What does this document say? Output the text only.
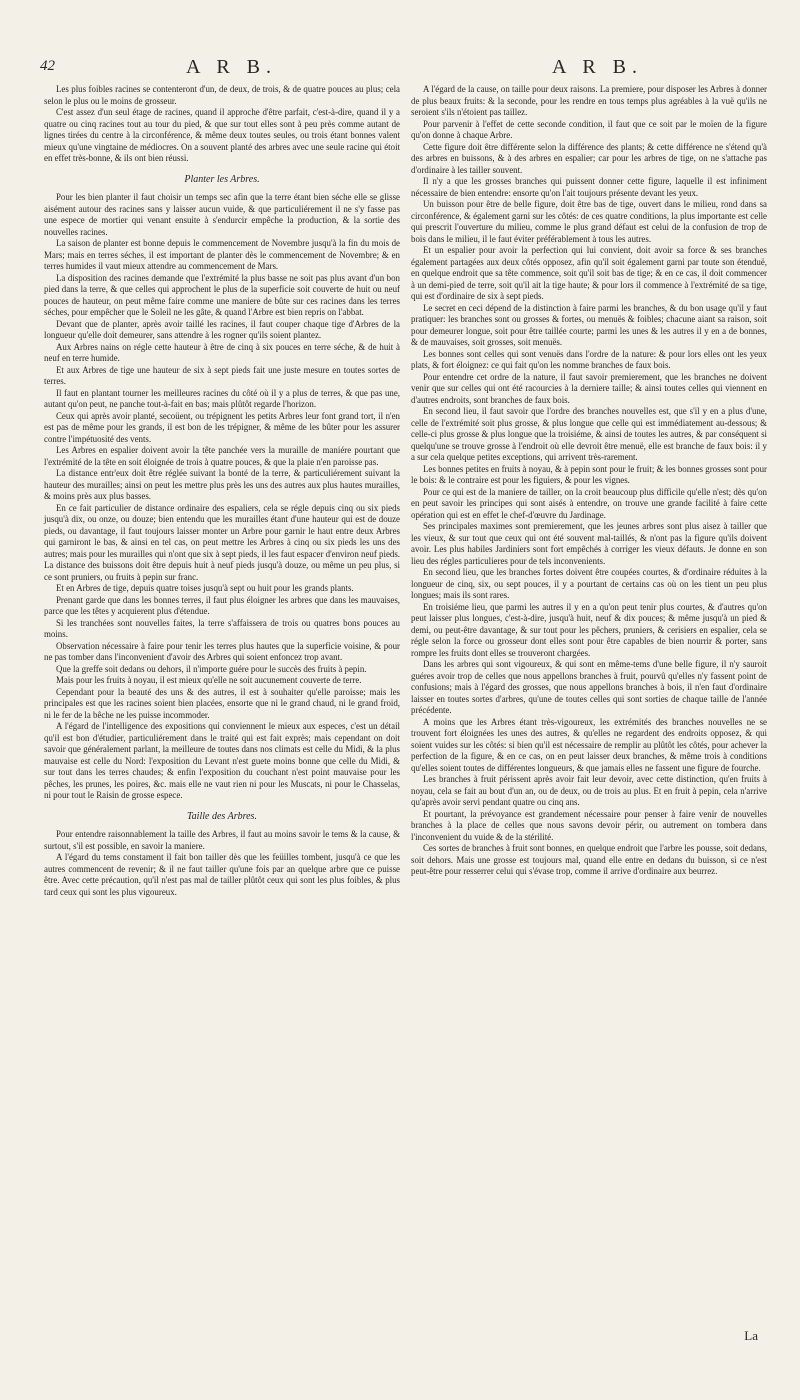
42	A R B.	A R B.

Les plus foibles racines se contenteront d'un, de deux, de trois, & de quatre pouces au plus; cela selon le plus ou le moins de grosseur.

C'est assez d'un seul étage de racines, quand il approche d'être parfait, c'est-à-dire, quand il y a quatre ou cinq racines tout au tour du pied, & que sur tout elles sont à peu près comme autant de lignes tirées du centre à la circonférence, & même deux toutes seules, ou trois étant bonnes valent mieux qu'une vingtaine de médiocres. On a souvent planté des arbres avec une seule racine qui étoit en effet très-bonne, & ils ont bien réussi.

Planter les Arbres.

Pour les bien planter il faut choisir un temps sec afin que la terre étant bien séche elle se glisse aisément autour des racines sans y laisser aucun vuide, & que particuliérement il ne s'y fasse pas une espece de mortier qui venant ensuite à s'endurcir empêche la production, & la sortie des nouvelles racines.

La saison de planter est bonne depuis le commencement de Novembre jusqu'à la fin du mois de Mars; mais en terres séches, il est important de planter dès le commencement de Novembre; & en terres humides il vaut mieux attendre au commencement de Mars.

La disposition des racines demande que l'extrémité la plus basse ne soit pas plus avant d'un bon pied dans la terre, & que celles qui approchent le plus de la superficie soit couverte de huit ou neuf pouces de hauteur, on peut même faire comme une maniere de bûte sur ces racines dans les terres séches, pour empêcher que le Soleil ne les gâte, & quand l'Arbre est bien repris on l'abbat.

Devant que de planter, après avoir taillé les racines, il faut couper chaque tige d'Arbres de la longueur qu'elle doit demeurer, sans attendre à les rogner qu'ils soient plantez.

Aux Arbres nains on régle cette hauteur à être de cinq à six pouces en terre séche, & de huit à neuf en terre humide.

Et aux Arbres de tige une hauteur de six à sept pieds fait une juste mesure en toutes sortes de terres.

Il faut en plantant tourner les meilleures racines du côté où il y a plus de terres, & que pas une, autant qu'on peut, ne panche tout-à-fait en bas; mais plûtôt regarde l'horizon.

Ceux qui après avoir planté, secoüent, ou trépignent les petits Arbres leur font grand tort, il n'en est pas de même pour les grands, il est bon de les trépigner, & même de les bûter pour les assurer contre l'impétuosité des vents.

Les Arbres en espalier doivent avoir la tête panchée vers la muraille de maniére pourtant que l'extrémité de la tête en soit éloignée de trois à quatre pouces, & que la plaie n'en paroisse pas.

La distance entr'eux doit être réglée suivant la bonté de la terre, & particuliérement suivant la hauteur des murailles; ainsi on peut les mettre plus près les uns des autres aux plus hautes murailles, & moins près aux plus basses.

En ce fait particulier de distance ordinaire des espaliers, cela se régle depuis cinq ou six pieds jusqu'à dix, ou onze, ou douze; bien entendu que les murailles étant d'une hauteur qui est de douze pieds, ou davantage, il faut toujours laisser monter un Arbre pour garnir le haut entre deux Arbres qui garniront le bas, & ainsi en tel cas, on peut mettre les Arbres à cinq ou six pieds les uns des autres; mais pour les murailles qui n'ont que six à sept pieds, il les faut espacer d'environ neuf pieds. La distance des buissons doit être depuis huit à neuf pieds jusqu'à douze, ou même un peu plus, si ce sont pruniers, ou fruits à pepin sur franc.

Et en Arbres de tige, depuis quatre toises jusqu'à sept ou huit pour les grands plants.

Prenant garde que dans les bonnes terres, il faut plus éloigner les arbres que dans les mauvaises, parce que les têtes y acquierent plus d'étendue.

Si les tranchées sont nouvelles faites, la terre s'affaissera de trois ou quatres bons pouces au moins.

Observation nécessaire à faire pour tenir les terres plus hautes que la superficie voisine, & pour ne pas tomber dans l'inconvenient d'avoir des Arbres qui soient enfoncez trop avant.

Que la greffe soit dedans ou dehors, il n'importe guére pour le succès des fruits à pepin.

Mais pour les fruits à noyau, il est mieux qu'elle ne soit aucunement couverte de terre.

Cependant pour la beauté des uns & des autres, il est à souhaiter qu'elle paroisse; mais les principales est que les racines soient bien placées, ensorte que ni le grand chaud, ni le grand froid, ni le fer de la bêche ne les puisse incommoder.

A l'égard de l'intelligence des expositions qui conviennent le mieux aux especes, c'est un détail qu'il est bon d'étudier, particuliérement dans le traité qui est fait exprès; mais cependant on doit savoir que généralement parlant, la meilleure de toutes dans nos climats est celle du Midi, & la plus mauvaise est celle du Nord: l'exposition du Levant n'est guete moins bonne que celle du Midi, & sur tout dans les terres chaudes; & enfin l'exposition du couchant n'est point mauvaise pour les pêches, les prunes, les poires, &c. mais elle ne vaut rien ni pour les Muscats, ni pour le Chasselas, ni pour tout le Raisin de grosse espece.

Taille des Arbres.

Pour entendre raisonnablement la taille des Arbres, il faut au moins savoir le tems & la cause, & surtout, s'il est possible, en savoir la maniere.

A l'égard du tems constament il fait bon tailler dès que les feüilles tombent, jusqu'à ce que les autres commencent de revenir; & il ne faut tailler qu'une fois par an quelque arbre que ce puisse être. Avec cette précaution, qu'il n'est pas mal de tailler plûtôt ceux qui sont les plus foibles, & plus tard ceux qui sont les plus vigoureux.

A l'égard de la cause, on taille pour deux raisons. La premiere, pour disposer les Arbres à donner de plus beaux fruits: & la seconde, pour les rendre en tous temps plus agréables à la vuë qu'ils ne seroient s'ils n'étoient pas taillez.

Pour parvenir à l'effet de cette seconde condition, il faut que ce soit par le moïen de la figure qu'on donne à chaque Arbre.

Cette figure doit être différente selon la différence des plants; & cette différence ne s'étend qu'à des arbres en buissons, & à des arbres en espalier; car pour les arbres de tige, on ne s'attache pas d'ordinaire à les tailler souvent.

Il n'y a que les grosses branches qui puissent donner cette figure, laquelle il est infiniment nécessaire de bien entendre: ensorte qu'on l'ait toujours présente devant les yeux.

Un buisson pour être de belle figure, doit être bas de tige, ouvert dans le milieu, rond dans sa circonférence, & également garni sur les côtés: de ces quatre conditions, la plus importante est celle qui prescrit l'ouverture du milieu, comme le plus grand défaut est celui de la confusion de trop de bois dans le milieu, il le faut éviter préférablement à tous les autres.

Et un espalier pour avoir la perfection qui lui convient, doit avoir sa force & ses branches également partagées aux deux côtés opposez, afin qu'il soit également garni par toute son étenduë, en quelque endroit que sa tête commence, soit qu'il soit bas de tige; & en ce cas, il doit commencer à un demi-pied de terre, soit qu'il ait la tige haute; & pour lors il commence à l'extrémité de sa tige, qui est d'ordinaire de six à sept pieds.

Le secret en ceci dépend de la distinction à faire parmi les branches, & du bon usage qu'il y faut pratiquer: les branches sont ou grosses & fortes, ou menuës & foibles; chacune aiant sa raison, soit pour demeurer longue, soit pour être taillée courte; parmi les unes & les autres il y en a de bonnes, & de mauvaises, soit grosses, soit menuës.

Les bonnes sont celles qui sont venuës dans l'ordre de la nature: & pour lors elles ont les yeux plats, & fort éloignez: ce qui fait qu'on les nomme branches de faux bois.

Pour entendre cet ordre de la nature, il faut savoir premierement, que les branches ne doivent venir que sur celles qui ont été racourcies à la derniere taille; & ainsi toutes celles qui viennent en d'autres endroits, sont branches de faux bois.

En second lieu, il faut savoir que l'ordre des branches nouvelles est, que s'il y en a plus d'une, celle de l'extrémité soit plus grosse, & plus longue que celle qui est immédiatement au-dessous; & celle-ci plus grosse & plus longue que la troisiéme, & ainsi de toutes les autres, & par conséquent si quelqu'une se trouve grosse à l'endroit où elle devroit être menuë, elle est branche de faux bois: il y a sur cela quelque petites exceptions, qui arrivent très-rarement.

Les bonnes petites en fruits à noyau, & à pepin sont pour le fruit; & les bonnes grosses sont pour le bois: & le contraire est pour les figuiers, & pour les vignes.

Pour ce qui est de la maniere de tailler, on la croit beaucoup plus difficile qu'elle n'est; dès qu'on en peut savoir les principes qui sont aisés à entendre, on trouve une grande facilité à faire cette opération qui est en effet le chef-d'œuvre du Jardinage.

Ses principales maximes sont premierement, que les jeunes arbres sont plus aisez à tailler que les vieux, & sur tout que ceux qui ont été souvent mal-taillés, & n'ont pas la figure qu'ils doivent avoir. Les plus habiles Jardiniers sont fort empêchés à corriger les vieux défauts. Je donne en son lieu des régles particulieres pour de tels inconvenients.

En second lieu, que les branches fortes doivent être coupées courtes, & d'ordinaire réduites à la longueur de cinq, six, ou sept pouces, il y a pourtant de certains cas où on les tient un peu plus longues; mais ils sont rares.

En troisiéme lieu, que parmi les autres il y en a qu'on peut tenir plus courtes, & d'autres qu'on peut laisser plus longues, c'est-à-dire, jusqu'à huit, neuf & dix pouces; & même jusqu'à un pied & demi, ou peut-être davantage, & sur tout pour les pêchers, pruniers, & cerisiers en espalier, cela se régle selon la force ou grosseur dont elles sont pour être capables de bien nourrir & porter, sans rompre les fruits dont elles se trouveront chargées.

Dans les arbres qui sont vigoureux, & qui sont en même-tems d'une belle figure, il n'y sauroit guéres avoir trop de celles que nous appellons branches à fruit, pourvû qu'elles n'y fassent point de confusions; mais à l'égard des grosses, que nous appellons branches à bois, il n'en faut d'ordinaire laisser en toutes sortes d'arbres, qu'une de toutes celles qui sont sorties de chaque taille de l'année précédente.

A moins que les Arbres étant très-vigoureux, les extrémités des branches nouvelles ne se trouvent fort éloignées les unes des autres, & qu'elles ne regardent des endroits opposez, & qui soient vuides sur les côtés: si bien qu'il est nécessaire de remplir au plûtôt les côtés, pour achever la perfection de la figure, & en ce cas, on en peut laisser deux branches, & même trois à conditions qu'elles soient toutes de différentes longueurs, & que jamais elles ne fassent une figure de fourche.

Les branches à fruit périssent après avoir fait leur devoir, avec cette distinction, qu'en fruits à noyau, cela se fait au bout d'un an, ou de deux, ou de trois au plus. Et en fruit à pepin, cela n'arrive qu'après avoir servi pendant quatre ou cinq ans.

Et pourtant, la prévoyance est grandement nécessaire pour penser à faire venir de nouvelles branches à la place de celles que nous savons devoir périr, ou autrement on tombera dans l'inconvenient du vuide & de la stérilité.

Ces sortes de branches à fruit sont bonnes, en quelque endroit que l'arbre les pousse, soit dedans, soit dehors. Mais une grosse est toujours mal, quand elle entre en dedans du buisson, si ce n'est peut-être pour resserrer celui qui s'évase trop, comme il arrive d'ordinaire aux beurrez.

La
